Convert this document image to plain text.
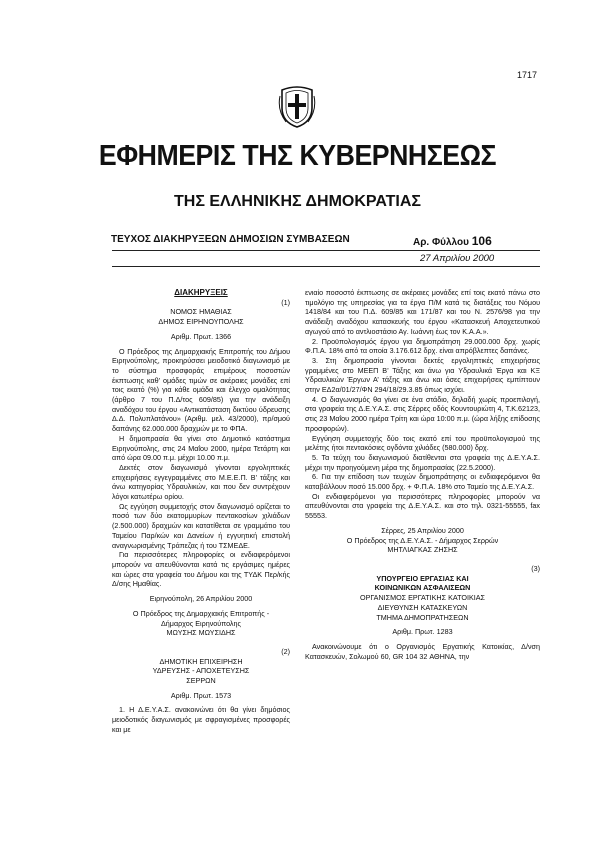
1717
ΕΦΗΜΕΡΙΣ ΤΗΣ ΚΥΒΕΡΝΗΣΕΩΣ
ΤΗΣ ΕΛΛΗΝΙΚΗΣ ΔΗΜΟΚΡΑΤΙΑΣ
ΤΕΥΧΟΣ ΔΙΑΚΗΡΥΞΕΩΝ ΔΗΜΟΣΙΩΝ ΣΥΜΒΑΣΕΩΝ	Αρ. Φύλλου 106
27 Απριλίου 2000

ΔΙΑΚΗΡΥΞΕΙΣ

(1)

ΝΟΜΟΣ ΗΜΑΘΙΑΣ

ΔΗΜΟΣ ΕΙΡΗΝΟΥΠΟΛΗΣ

Αριθμ. Πρωτ. 1366

Ο Πρόεδρος της Δημαρχιακής Επιτροπής του Δήμου Ειρηνούπολης, προκηρύσσει μειοδοτικό διαγωνισμό με το σύστημα προσφοράς επιμέρους ποσοστών έκπτωσης καθ’ ομάδες τιμών σε ακέραιες μονάδες επί τοις εκατό (%) για κάθε ομάδα και έλεγχο ομαλότητας (άρθρο 7 του Π.Δ/τος 609/85) για την ανάδειξη αναδόχου του έργου «Αντικατάσταση δικτύου ύδρευσης Δ.Δ. Πολυπλατάνου» (Αριθμ. μελ. 43/2000), πρ/σμού δαπάνης 62.000.000 δραχμών με το ΦΠΑ.

Η δημοπρασία θα γίνει στο Δημοτικό κατάστημα Ειρηνούπολης, στις 24 Μαΐου 2000, ημέρα Τετάρτη και από ώρα 09.00 π.μ. μέχρι 10.00 π.μ.

Δεκτές στον διαγωνισμό γίνονται εργοληπτικές επιχειρήσεις εγγεγραμμένες στο Μ.Ε.Ε.Π. Β’ τάξης και άνω κατηγορίας Υδραυλικών, και που δεν συντρέχουν λόγοι κατωτέρω ορίου.

Ως εγγύηση συμμετοχής στον διαγωνισμό ορίζεται το ποσό των δύο εκατομμυρίων πεντακοσίων χιλιάδων (2.500.000) δραχμών και κατατίθεται σε γραμμάτιο του Ταμείου Παρ/κών και Δανείων ή εγγυητική επιστολή αναγνωρισμένης Τράπεζας ή του ΤΣΜΕΔΕ.

Για περισσότερες πληροφορίες οι ενδιαφερόμενοι μπορούν να απευθύνονται κατά τις εργάσιμες ημέρες και ώρες στα γραφεία του Δήμου και της ΤΥΔΚ Περ/κής Δ/σης Ημαθίας.

Ειρηνούπολη, 26 Απριλίου 2000

Ο Πρόεδρος της Δημαρχιακής Επιτροπής -

Δήμαρχος Ειρηνούπολης

ΜΩΥΣΗΣ ΜΩΥΣΙΔΗΣ

(2)

ΔΗΜΟΤΙΚΗ ΕΠΙΧΕΙΡΗΣΗ

ΥΔΡΕΥΣΗΣ - ΑΠΟΧΕΤΕΥΣΗΣ

ΣΕΡΡΩΝ

Αριθμ. Πρωτ. 1573

1. Η Δ.Ε.Υ.Α.Σ. ανακοινώνει ότι θα γίνει δημόσιος μειοδοτικός διαγωνισμός με σφραγισμένες προσφορές και με

ενιαίο ποσοστό έκπτωσης σε ακέραιες μονάδες επί τοις εκατό πάνω στο τιμολόγιο της υπηρεσίας για τα έργα Π/Μ κατά τις διατάξεις του Νόμου 1418/84 και του Π.Δ. 609/85 και 171/87 και του Ν. 2576/98 για την ανάδειξη αναδόχου κατασκευής του έργου «Κατασκευή Αποχετευτικού αγωγού από το αντλιοστάσιο Αγ. Ιωάννη έως τον Κ.Α.Α.».

2. Προϋπολογισμός έργου για δημοπράτηση 29.000.000 δρχ. χωρίς Φ.Π.Α. 18% από τα οποία 3.176.612 δρχ. είναι απρόβλεπτες δαπάνες.

3. Στη δημοπρασία γίνονται δεκτές εργοληπτικές επιχειρήσεις γραμμένες στο ΜΕΕΠ Β’ Τάξης και άνω για Υδραυλικά Έργα και ΚΞ Υδραυλικών Έργων Α’ τάξης και άνω και όσες επιχειρήσεις εμπίπτουν στην ΕΔ2α/01/27/ΦΝ 294/18/29.3.85 όπως ισχύει.

4. Ο διαγωνισμός θα γίνει σε ένα στάδιο, δηλαδή χωρίς προεπιλογή, στα γραφεία της Δ.Ε.Υ.Α.Σ. στις Σέρρες οδός Κουντουριώτη 4, Τ.Κ.62123, στις 23 Μαΐου 2000 ημέρα Τρίτη και ώρα 10:00 π.μ. (ώρα λήξης επίδοσης προσφορών).

Εγγύηση συμμετοχής δύο τοις εκατό επί του προϋπολογισμού της μελέτης ήτοι πεντακόσιες ογδόντα χιλιάδες (580.000) δρχ.

5. Τα τεύχη του διαγωνισμού διατίθενται στα γραφεία της Δ.Ε.Υ.Α.Σ. μέχρι την προηγούμενη μέρα της δημοπρασίας (22.5.2000).

6. Για την επίδοση των τευχών δημοπράτησης οι ενδιαφερόμενοι θα καταβάλλουν ποσό 15.000 δρχ. + Φ.Π.Α. 18% στο Ταμείο της Δ.Ε.Υ.Α.Σ.

Οι ενδιαφερόμενοι για περισσότερες πληροφορίες μπορούν να απευθύνονται στα γραφεία της Δ.Ε.Υ.Α.Σ. και στο τηλ. 0321-55555, fax 55553.

Σέρρες, 25 Απριλίου 2000

Ο Πρόεδρος της Δ.Ε.Υ.Α.Σ. - Δήμαρχος Σερρών

ΜΗΤΛΙΑΓΚΑΣ ΖΗΣΗΣ

(3)

ΥΠΟΥΡΓΕΙΟ ΕΡΓΑΣΙΑΣ ΚΑΙ

ΚΟΙΝΩΝΙΚΩΝ ΑΣΦΑΛΙΣΕΩΝ

ΟΡΓΑΝΙΣΜΟΣ ΕΡΓΑΤΙΚΗΣ ΚΑΤΟΙΚΙΑΣ

ΔΙΕΥΘΥΝΣΗ ΚΑΤΑΣΚΕΥΩΝ

ΤΜΗΜΑ ΔΗΜΟΠΡΑΤΗΣΕΩΝ

Αριθμ. Πρωτ. 1283

Ανακοινώνουμε ότι ο Οργανισμός Εργατικής Κατοικίας, Δ/νση Κατασκευών, Σολωμού 60, GR 104 32 ΑΘΗΝΑ, την
